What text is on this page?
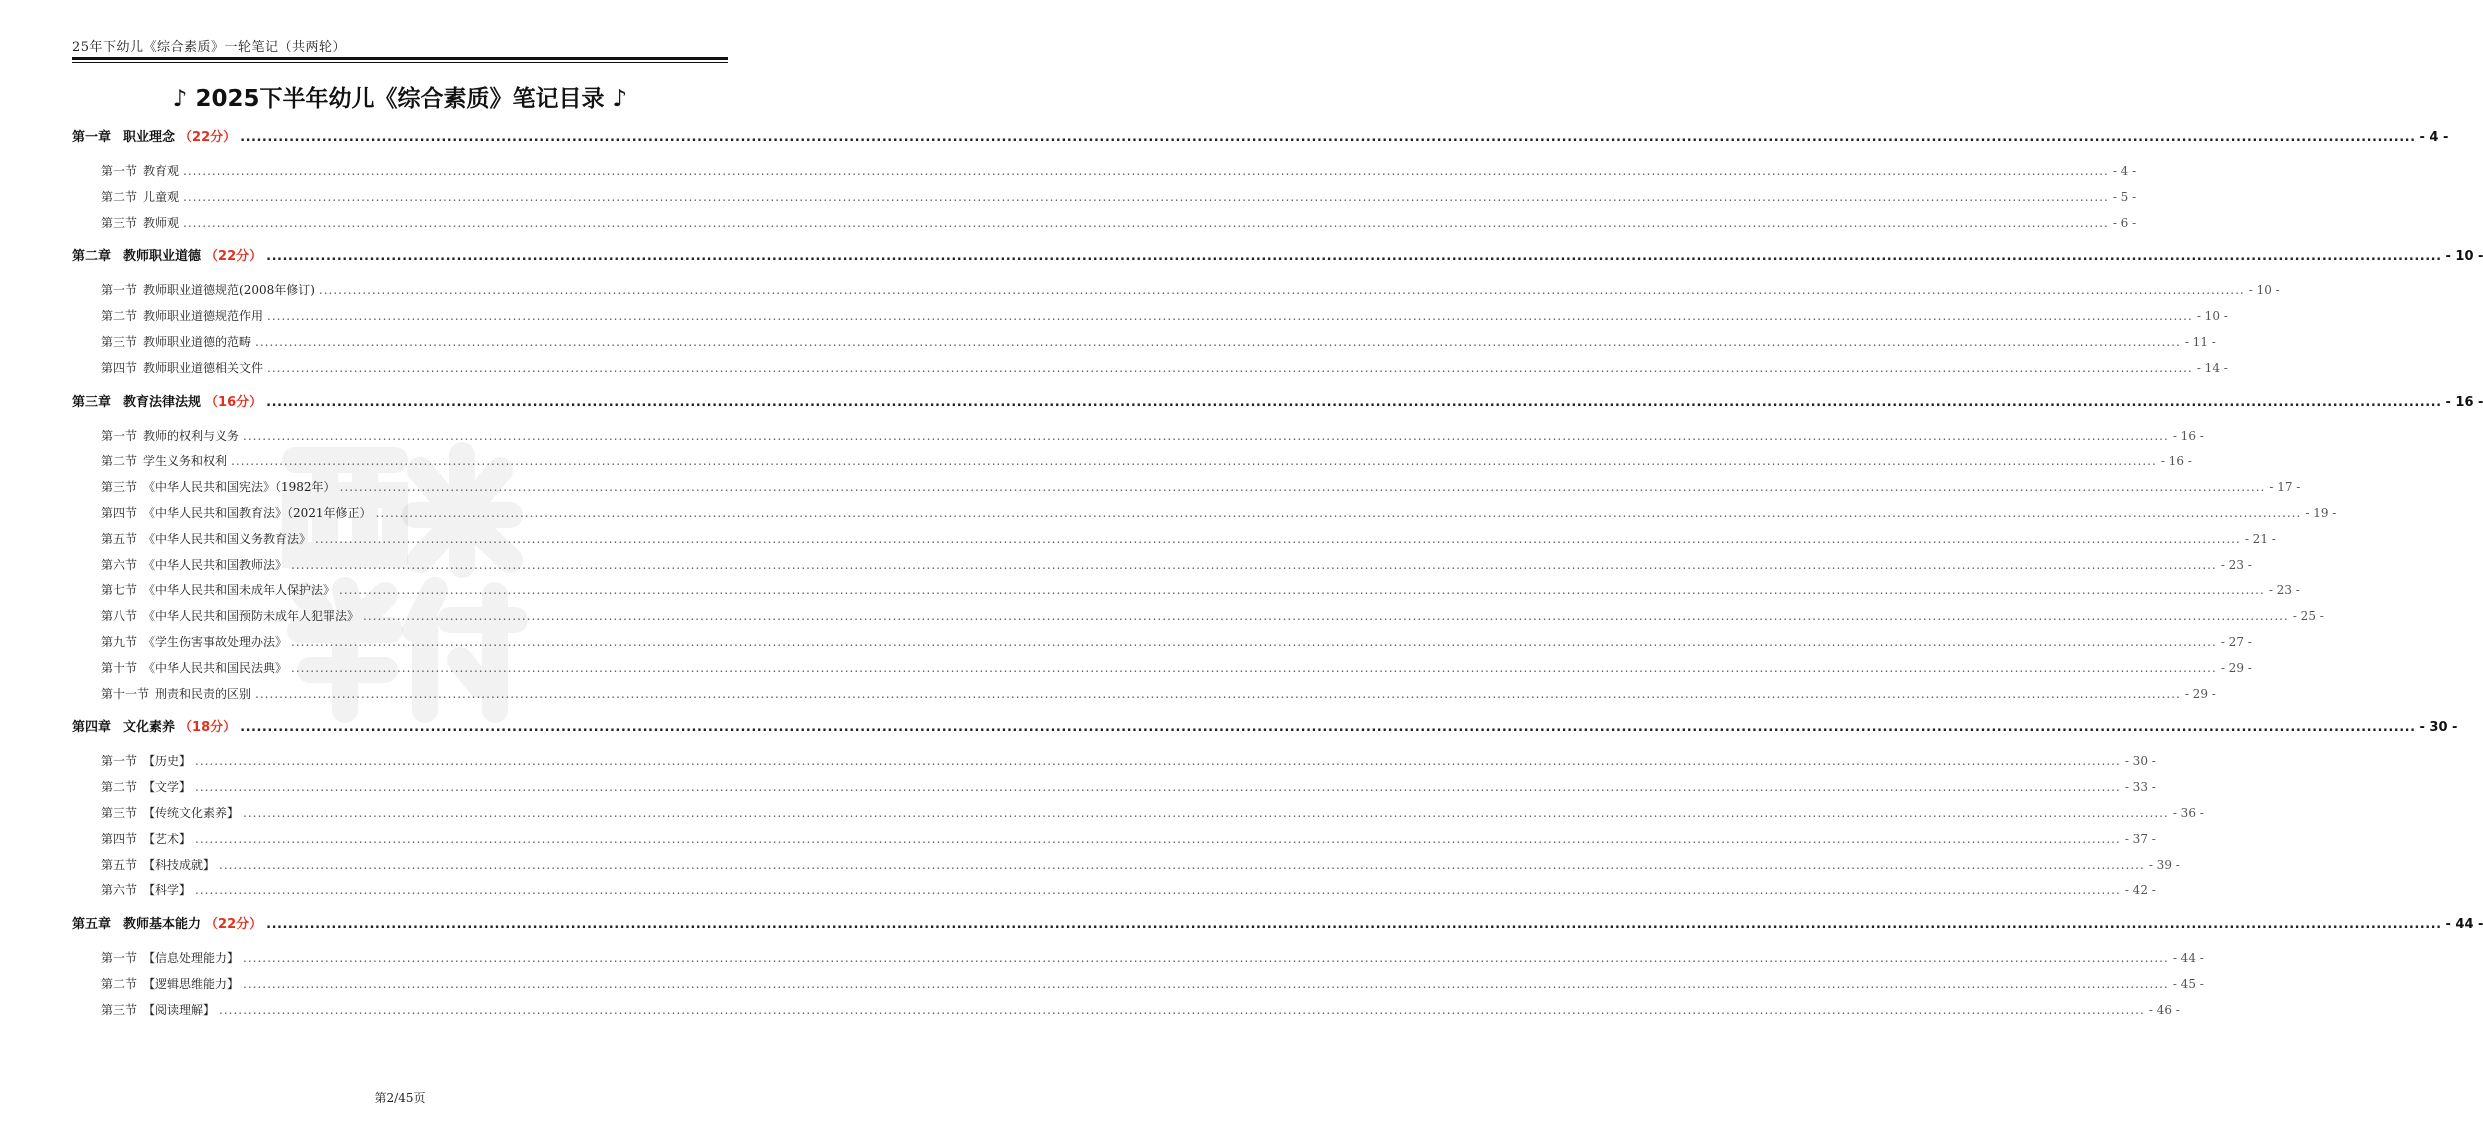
25年下幼儿《综合素质》一轮笔记（共两轮）
♪ 2025下半年幼儿《综合素质》笔记目录 ♪
西米学府
第一章 职业理念 （22分） ................................................................................................................................................................................................................................................................................................................................................................................................................ - 4 -
第一节 教育观 ................................................................................................................................................................................................................................................................................................................................................................................................................ - 4 -
第二节 儿童观 ................................................................................................................................................................................................................................................................................................................................................................................................................ - 5 -
第三节 教师观 ................................................................................................................................................................................................................................................................................................................................................................................................................ - 6 -
第二章 教师职业道德 （22分） ................................................................................................................................................................................................................................................................................................................................................................................................................ - 10 -
第一节 教师职业道德规范(2008年修订) ................................................................................................................................................................................................................................................................................................................................................................................................................ - 10 -
第二节 教师职业道德规范作用 ................................................................................................................................................................................................................................................................................................................................................................................................................ - 10 -
第三节 教师职业道德的范畴 ................................................................................................................................................................................................................................................................................................................................................................................................................ - 11 -
第四节 教师职业道德相关文件 ................................................................................................................................................................................................................................................................................................................................................................................................................ - 14 -
第三章 教育法律法规 （16分） ................................................................................................................................................................................................................................................................................................................................................................................................................ - 16 -
第一节 教师的权利与义务 ................................................................................................................................................................................................................................................................................................................................................................................................................ - 16 -
第二节 学生义务和权利 ................................................................................................................................................................................................................................................................................................................................................................................................................ - 16 -
第三节 《中华人民共和国宪法》（1982年） ................................................................................................................................................................................................................................................................................................................................................................................................................ - 17 -
第四节 《中华人民共和国教育法》（2021年修正） ................................................................................................................................................................................................................................................................................................................................................................................................................ - 19 -
第五节 《中华人民共和国义务教育法》 ................................................................................................................................................................................................................................................................................................................................................................................................................ - 21 -
第六节 《中华人民共和国教师法》 ................................................................................................................................................................................................................................................................................................................................................................................................................ - 23 -
第七节 《中华人民共和国未成年人保护法》 ................................................................................................................................................................................................................................................................................................................................................................................................................ - 23 -
第八节 《中华人民共和国预防未成年人犯罪法》 ................................................................................................................................................................................................................................................................................................................................................................................................................ - 25 -
第九节 《学生伤害事故处理办法》 ................................................................................................................................................................................................................................................................................................................................................................................................................ - 27 -
第十节 《中华人民共和国民法典》 ................................................................................................................................................................................................................................................................................................................................................................................................................ - 29 -
第十一节 刑责和民责的区别 ................................................................................................................................................................................................................................................................................................................................................................................................................ - 29 -
第四章 文化素养 （18分） ................................................................................................................................................................................................................................................................................................................................................................................................................ - 30 -
第一节 【历史】 ................................................................................................................................................................................................................................................................................................................................................................................................................ - 30 -
第二节 【文学】 ................................................................................................................................................................................................................................................................................................................................................................................................................ - 33 -
第三节 【传统文化素养】 ................................................................................................................................................................................................................................................................................................................................................................................................................ - 36 -
第四节 【艺术】 ................................................................................................................................................................................................................................................................................................................................................................................................................ - 37 -
第五节 【科技成就】 ................................................................................................................................................................................................................................................................................................................................................................................................................ - 39 -
第六节 【科学】 ................................................................................................................................................................................................................................................................................................................................................................................................................ - 42 -
第五章 教师基本能力 （22分） ................................................................................................................................................................................................................................................................................................................................................................................................................ - 44 -
第一节 【信息处理能力】 ................................................................................................................................................................................................................................................................................................................................................................................................................ - 44 -
第二节 【逻辑思维能力】 ................................................................................................................................................................................................................................................................................................................................................................................................................ - 45 -
第三节 【阅读理解】 ................................................................................................................................................................................................................................................................................................................................................................................................................ - 46 -
第2/45页
